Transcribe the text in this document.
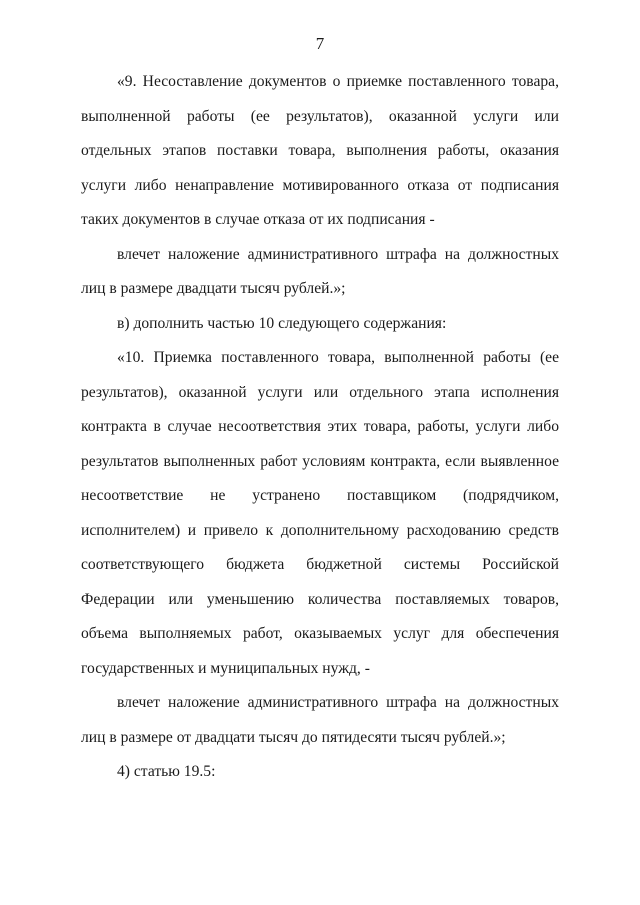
7

«9. Несоставление документов о приемке поставленного товара, выполненной работы (ее результатов), оказанной услуги или отдельных этапов поставки товара, выполнения работы, оказания услуги либо ненаправление мотивированного отказа от подписания таких документов в случае отказа от их подписания -

влечет наложение административного штрафа на должностных лиц в размере двадцати тысяч рублей.»;

в) дополнить частью 10 следующего содержания:

«10. Приемка поставленного товара, выполненной работы (ее результатов), оказанной услуги или отдельного этапа исполнения контракта в случае несоответствия этих товара, работы, услуги либо результатов выполненных работ условиям контракта, если выявленное несоответствие не устранено поставщиком (подрядчиком, исполнителем) и привело к дополнительному расходованию средств соответствующего бюджета бюджетной системы Российской Федерации или уменьшению количества поставляемых товаров, объема выполняемых работ, оказываемых услуг для обеспечения государственных и муниципальных нужд, -

влечет наложение административного штрафа на должностных лиц в размере от двадцати тысяч до пятидесяти тысяч рублей.»;

4) статью 19.5:
